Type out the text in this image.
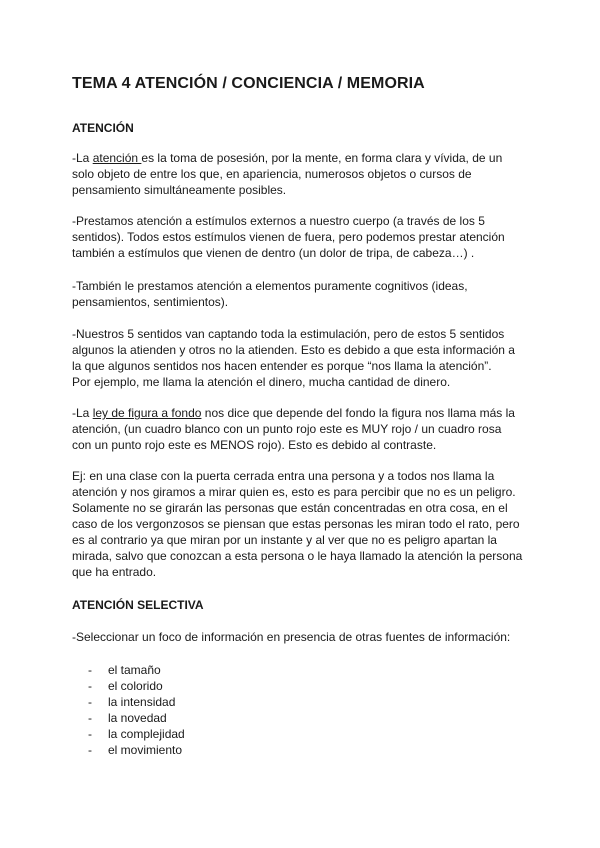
TEMA 4 ATENCIÓN / CONCIENCIA / MEMORIA
ATENCIÓN

-La atención es la toma de posesión, por la mente, en forma clara y vívida, de un
solo objeto de entre los que, en apariencia, numerosos objetos o cursos de
pensamiento simultáneamente posibles.

-Prestamos atención a estímulos externos a nuestro cuerpo (a través de los 5
sentidos). Todos estos estímulos vienen de fuera, pero podemos prestar atención
también a estímulos que vienen de dentro (un dolor de tripa, de cabeza…) .

-También le prestamos atención a elementos puramente cognitivos (ideas,
pensamientos, sentimientos).

-Nuestros 5 sentidos van captando toda la estimulación, pero de estos 5 sentidos
algunos la atienden y otros no la atienden. Esto es debido a que esta información a
la que algunos sentidos nos hacen entender es porque “nos llama la atención”.
Por ejemplo, me llama la atención el dinero, mucha cantidad de dinero.

-La ley de figura a fondo nos dice que depende del fondo la figura nos llama más la
atención, (un cuadro blanco con un punto rojo este es MUY rojo / un cuadro rosa
con un punto rojo este es MENOS rojo). Esto es debido al contraste.

Ej: en una clase con la puerta cerrada entra una persona y a todos nos llama la
atención y nos giramos a mirar quien es, esto es para percibir que no es un peligro.
Solamente no se girarán las personas que están concentradas en otra cosa, en el
caso de los vergonzosos se piensan que estas personas les miran todo el rato, pero
es al contrario ya que miran por un instante y al ver que no es peligro apartan la
mirada, salvo que conozcan a esta persona o le haya llamado la atención la persona
que ha entrado.

ATENCIÓN SELECTIVA

-Seleccionar un foco de información en presencia de otras fuentes de información:

- el tamaño
- el colorido
- la intensidad
- la novedad
- la complejidad
- el movimiento
